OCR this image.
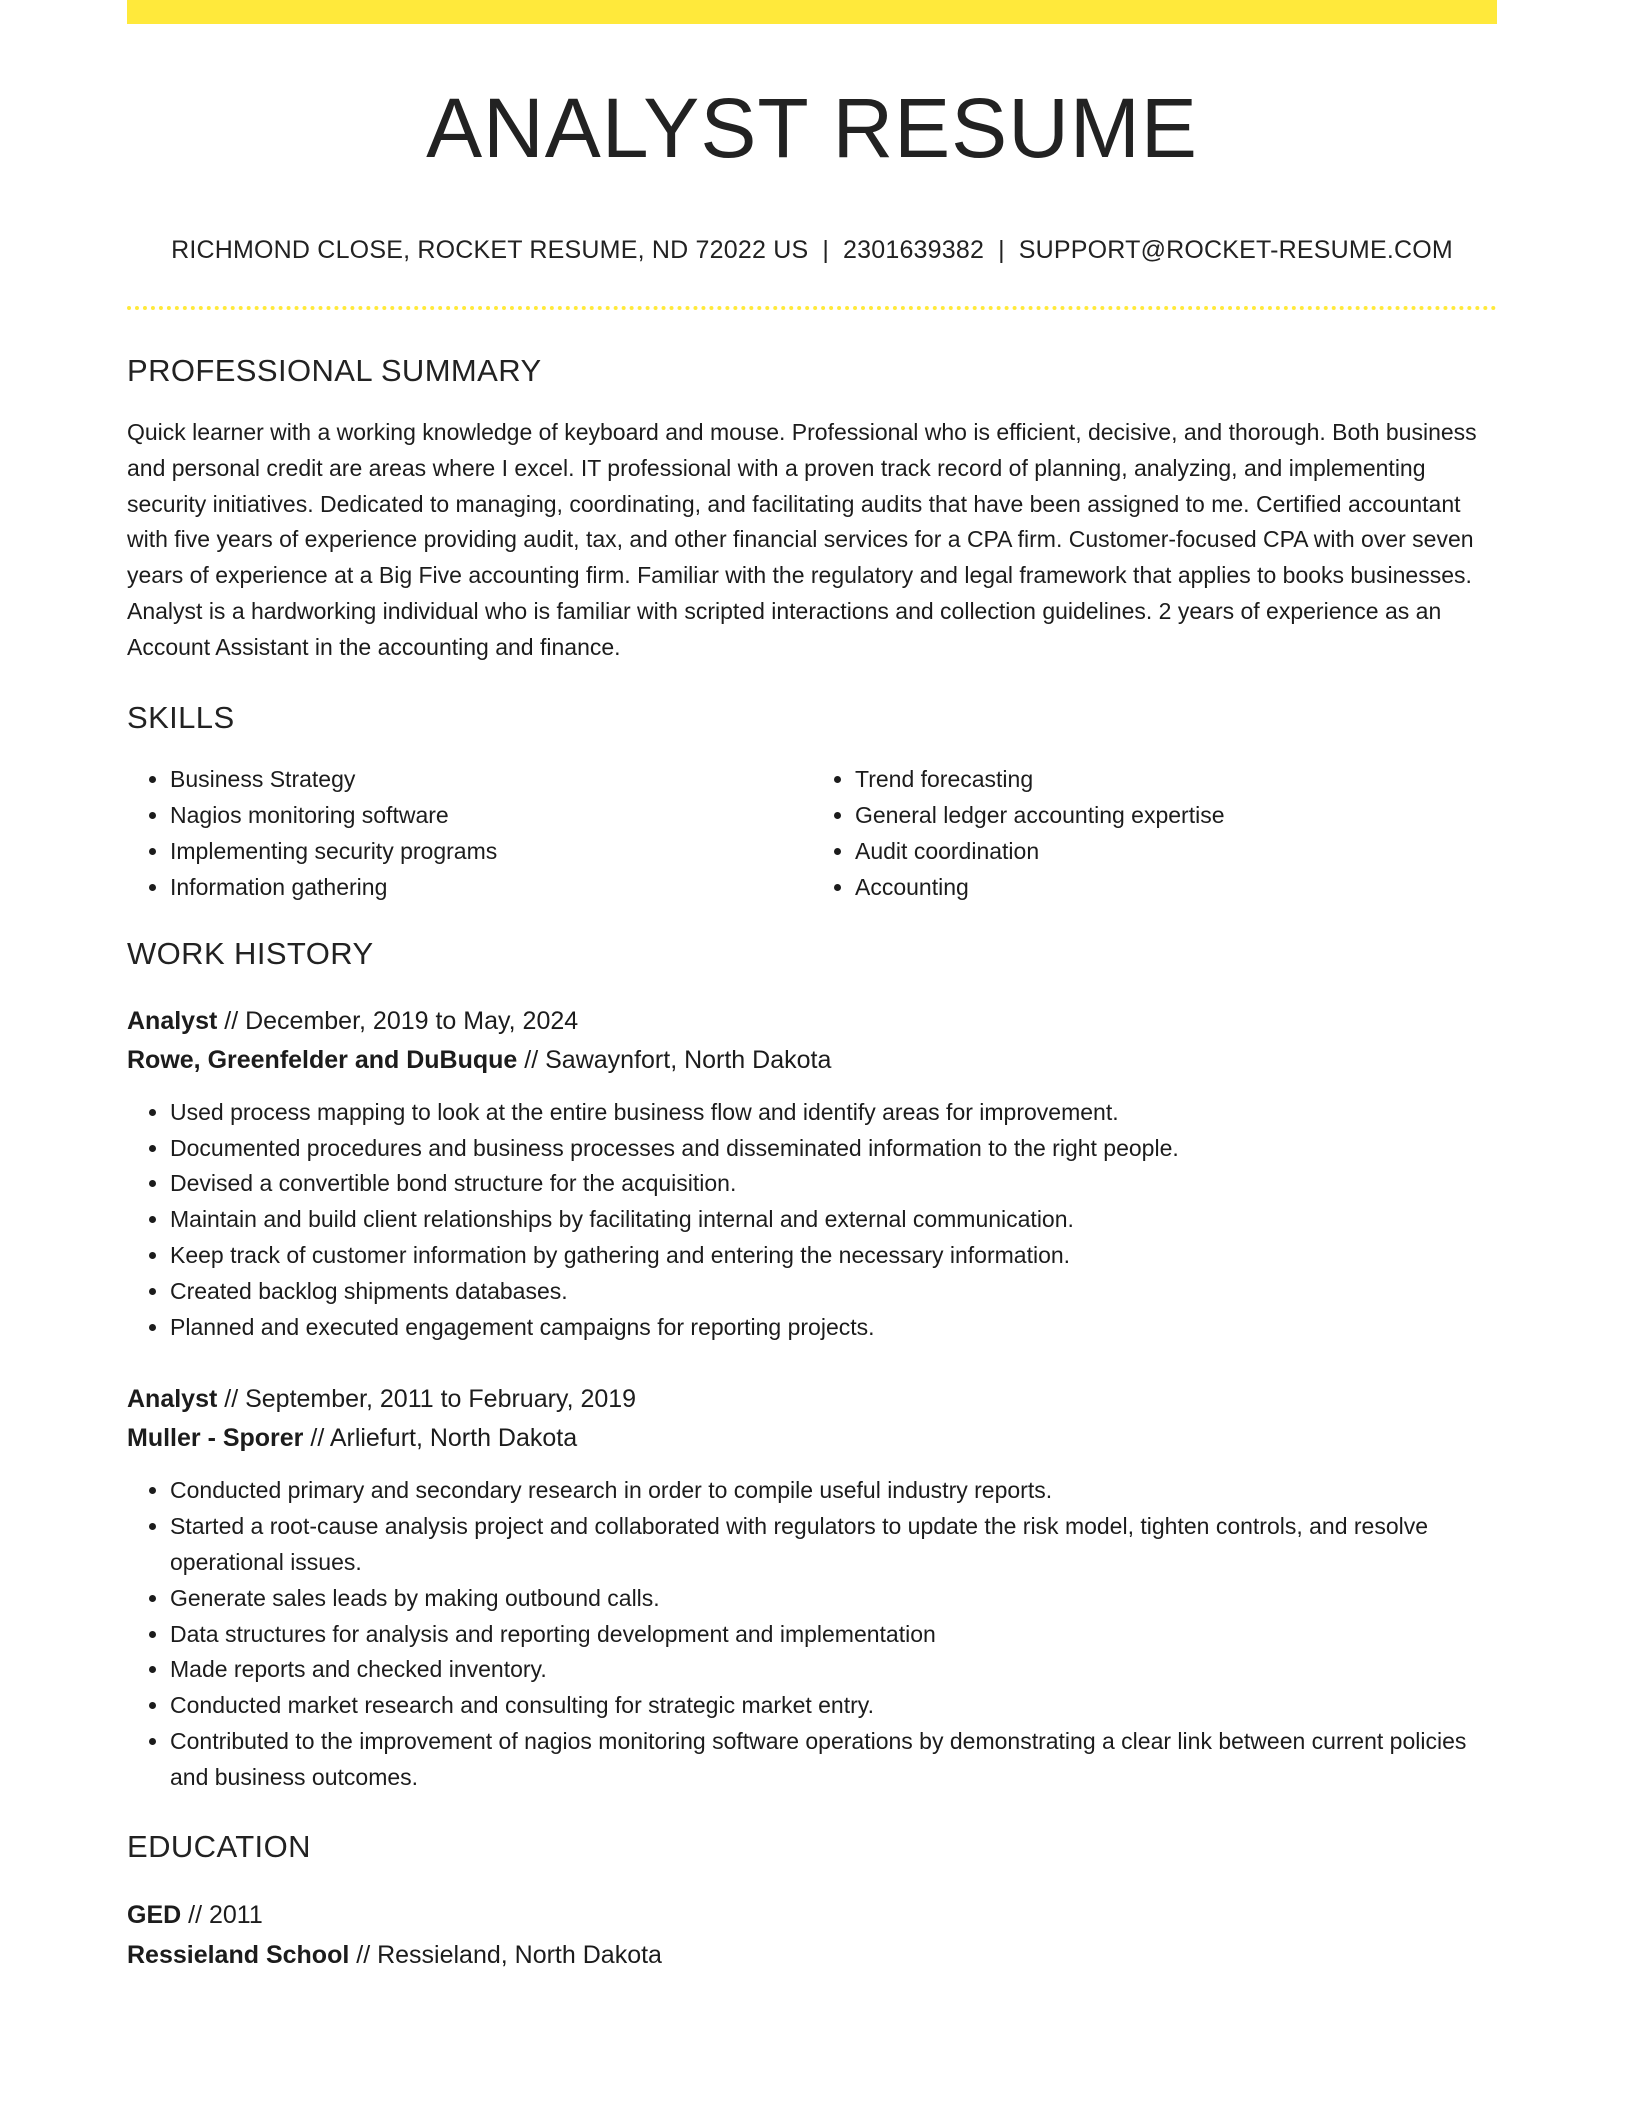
ANALYST RESUME
RICHMOND CLOSE, ROCKET RESUME, ND 72022 US | 2301639382 | SUPPORT@ROCKET-RESUME.COM
PROFESSIONAL SUMMARY

Quick learner with a working knowledge of keyboard and mouse. Professional who is efficient, decisive, and thorough. Both business and personal credit are areas where I excel. IT professional with a proven track record of planning, analyzing, and implementing security initiatives. Dedicated to managing, coordinating, and facilitating audits that have been assigned to me. Certified accountant with five years of experience providing audit, tax, and other financial services for a CPA firm. Customer-focused CPA with over seven years of experience at a Big Five accounting firm. Familiar with the regulatory and legal framework that applies to books businesses. Analyst is a hardworking individual who is familiar with scripted interactions and collection guidelines. 2 years of experience as an Account Assistant in the accounting and finance.

SKILLS
• Business Strategy
• Nagios monitoring software
• Implementing security programs
• Information gathering
• Trend forecasting
• General ledger accounting expertise
• Audit coordination
• Accounting
WORK HISTORY
Analyst // December, 2019 to May, 2024
Rowe, Greenfelder and DuBuque // Sawaynfort, North Dakota
• Used process mapping to look at the entire business flow and identify areas for improvement.
• Documented procedures and business processes and disseminated information to the right people.
• Devised a convertible bond structure for the acquisition.
• Maintain and build client relationships by facilitating internal and external communication.
• Keep track of customer information by gathering and entering the necessary information.
• Created backlog shipments databases.
• Planned and executed engagement campaigns for reporting projects.
Analyst // September, 2011 to February, 2019
Muller - Sporer // Arliefurt, North Dakota
• Conducted primary and secondary research in order to compile useful industry reports.
• Started a root-cause analysis project and collaborated with regulators to update the risk model, tighten controls, and resolve operational issues.
• Generate sales leads by making outbound calls.
• Data structures for analysis and reporting development and implementation
• Made reports and checked inventory.
• Conducted market research and consulting for strategic market entry.
• Contributed to the improvement of nagios monitoring software operations by demonstrating a clear link between current policies and business outcomes.
EDUCATION
GED // 2011
Ressieland School // Ressieland, North Dakota
